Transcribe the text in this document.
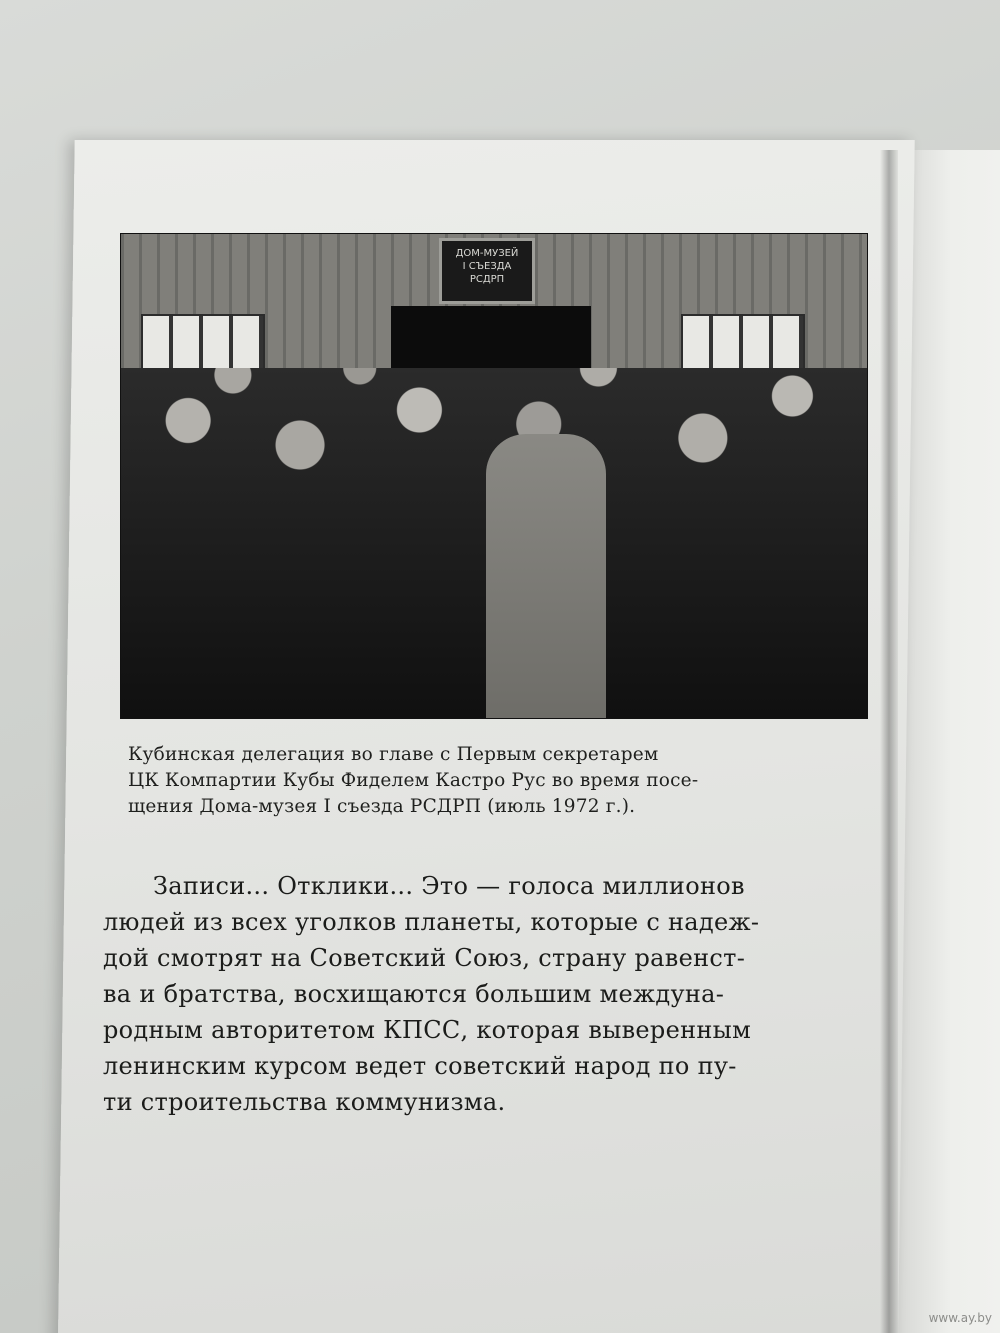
ДОМ-МУЗЕЙ
I СЪЕЗДА
РСДРП
Кубинская делегация во главе с Первым секретарем
ЦК Компартии Кубы Фиделем Кастро Рус во время посе-
щения Дома-музея I съезда РСДРП (июль 1972 г.).
Записи... Отклики... Это — голоса миллионов
людей из всех уголков планеты, которые с надеж-
дой смотрят на Советский Союз, страну равенст-
ва и братства, восхищаются большим междуна-
родным авторитетом КПСС, которая выверенным
ленинским курсом ведет советский народ по пу-
ти строительства коммунизма.
www.ay.by
